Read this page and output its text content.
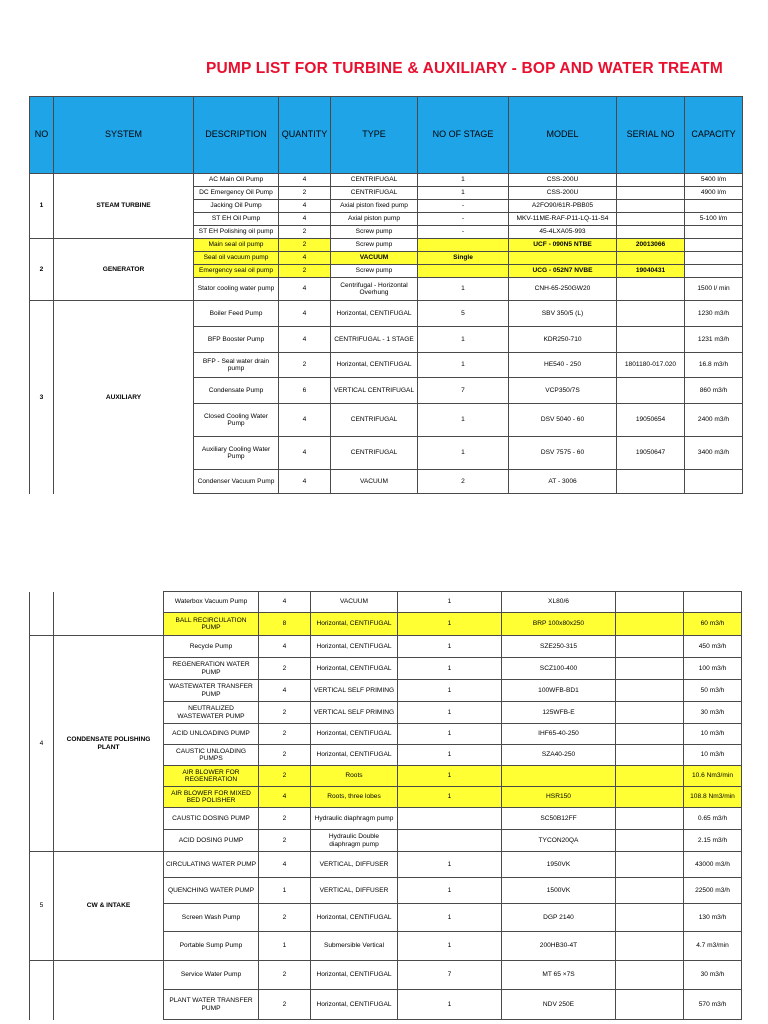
PUMP LIST FOR TURBINE & AUXILIARY - BOP AND WATER TREATM
NO	SYSTEM	DESCRIPTION	QUANTITY	TYPE	NO OF STAGE	MODEL	SERIAL NO	CAPACITY
1	STEAM TURBINE	AC Main Oil Pump	4	CENTRIFUGAL	1	CSS-200U		5400 l/m
		DC Emergency Oil Pump	2	CENTRIFUGAL	1	CSS-200U		4900 l/m
		Jacking Oil Pump	4	Axial piston fixed pump	-	A2FO90/61R-PBB05		
		ST EH Oil Pump	4	Axial piston pump	-	MKV-11ME-RAF-P11-LQ-11-S4		5-100 l/m
		ST EH Polishing oil pump	2	Screw pump	-	45-4LXA05-993		
2	GENERATOR	Main seal oil pump	2	Screw pump		UCF - 090N5 NTBE	20013066	
		Seal oil vacuum pump	4	VACUUM	Single			
		Emergency seal oil pump	2	Screw pump		UCG - 052N7 NVBE	19040431	
		Stator cooling water pump	4	Centrifugal - Horizontal Overhung	1	CNH-65-250GW20		1500 l/ min
3	AUXILIARY	Boiler Feed Pump	4	Horizontal, CENTIFUGAL	5	SBV 350/5 (L)		1230 m3/h
		BFP Booster Pump	4	CENTRIFUGAL - 1 STAGE	1	KDR250-710		1231 m3/h
		BFP - Seal water drain pump	2	Horizontal, CENTIFUGAL	1	HE540 - 250	1801180-017.020	16.8 m3/h
		Condensate Pump	6	VERTICAL CENTRIFUGAL	7	VCP350/7S		860 m3/h
		Closed Cooling Water Pump	4	CENTRIFUGAL	1	DSV 5040 - 60	19050654	2400 m3/h
		Auxiliary Cooling Water Pump	4	CENTRIFUGAL	1	DSV 7575 - 60	19050647	3400 m3/h
		Condenser Vacuum Pump	4	VACUUM	2	AT - 3006		
		Waterbox Vacuum Pump	4	VACUUM	1	XL80/6		
		BALL RECIRCULATION PUMP	8	Horizontal, CENTIFUGAL	1	BRP 100x80x250		60 m3/h
4	CONDENSATE POLISHING PLANT	Recycle Pump	4	Horizontal, CENTIFUGAL	1	SZE250-315		450 m3/h
		REGENERATION WATER PUMP	2	Horizontal, CENTIFUGAL	1	SCZ100-400		100 m3/h
		WASTEWATER TRANSFER PUMP	4	VERTICAL SELF PRIMING	1	100WFB-BD1		50 m3/h
		NEUTRALIZED WASTEWATER PUMP	2	VERTICAL SELF PRIMING	1	125WFB-E		30 m3/h
		ACID UNLOADING PUMP	2	Horizontal, CENTIFUGAL	1	IHF65-40-250		10 m3/h
		CAUSTIC UNLOADING PUMPS	2	Horizontal, CENTIFUGAL	1	SZA40-250		10 m3/h
		AIR BLOWER FOR REGENERATION	2	Roots	1			10.6 Nm3/min
		AIR BLOWER FOR MIXED BED POLISHER	4	Roots, three lobes	1	HSR150		108.8 Nm3/min
		CAUSTIC DOSING PUMP	2	Hydraulic diaphragm pump		SC50B12FF		0.65 m3/h
		ACID DOSING PUMP	2	Hydraulic Double diaphragm pump		TYCON20QA		2.15 m3/h
5	CW & INTAKE	CIRCULATING WATER PUMP	4	VERTICAL, DIFFUSER	1	1950VK		43000 m3/h
		QUENCHING WATER PUMP	1	VERTICAL, DIFFUSER	1	1500VK		22500 m3/h
		Screen Wash Pump	2	Horizontal, CENTIFUGAL	1	DGP 2140		130 m3/h
		Portable Sump Pump	1	Submersible Vertical	1	200HB30-4T		4.7 m3/min
		Service Water Pump	2	Horizontal, CENTIFUGAL	7	MT 65 ×7S		30 m3/h
		PLANT WATER TRANSFER PUMP	2	Horizontal, CENTIFUGAL	1	NDV 250E		570 m3/h
